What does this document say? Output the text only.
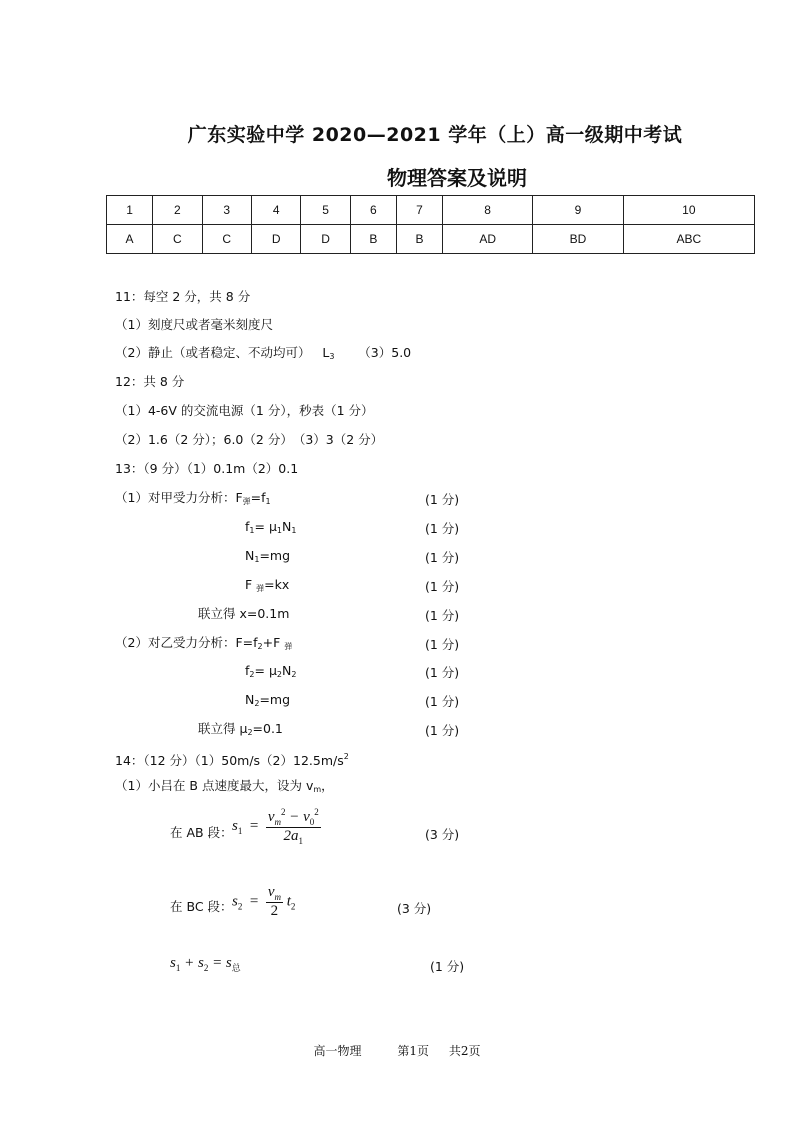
广东实验中学 2020—2021 学年（上）高一级期中考试
物理答案及说明
1	2	3	4	5	6	7	8	9	10
A	C	C	D	D	B	B	AD	BD	ABC
11：每空 2 分，共 8 分
（1）刻度尺或者毫米刻度尺
（2）静止（或者稳定、不动均可） $L_3$ （3）5.0
12：共 8 分
（1）4-6V 的交流电源（1 分），秒表（1 分）
（2）1.6（2 分）；6.0（2 分）　（3）3（2 分）
13：（9 分）（1）0.1m（2）0.1
（1）对甲受力分析：$F_弹=f_1$	(1 分)
$f_1= \mu_1N_1$	(1 分)
$N_1=mg$	(1 分)
F $_弹$=kx	(1 分)
联立得 x=0.1m	(1 分)
（2）对乙受力分析：$F=f_2+F$ $_弹$	(1 分)
$f_2= \mu_2N_2$	(1 分)
$N_2=mg$	(1 分)
联立得 $\mu_2=0.1$	(1 分)
14：（12 分）$(1)50m/s(2)12.5m/s^2$
（1）小吕在 B 点速度最大，设为 $v_m$，
在 AB 段： $s_1 = \frac{v_m^2 - v_0^2}{2a_1}$	(3 分)
在 BC 段： $s_2 = \frac{v_m}{2} t_2$	(3 分)
$s_1 + s_2 = s_总$	(1 分)
高一物理	第1页 共2页
